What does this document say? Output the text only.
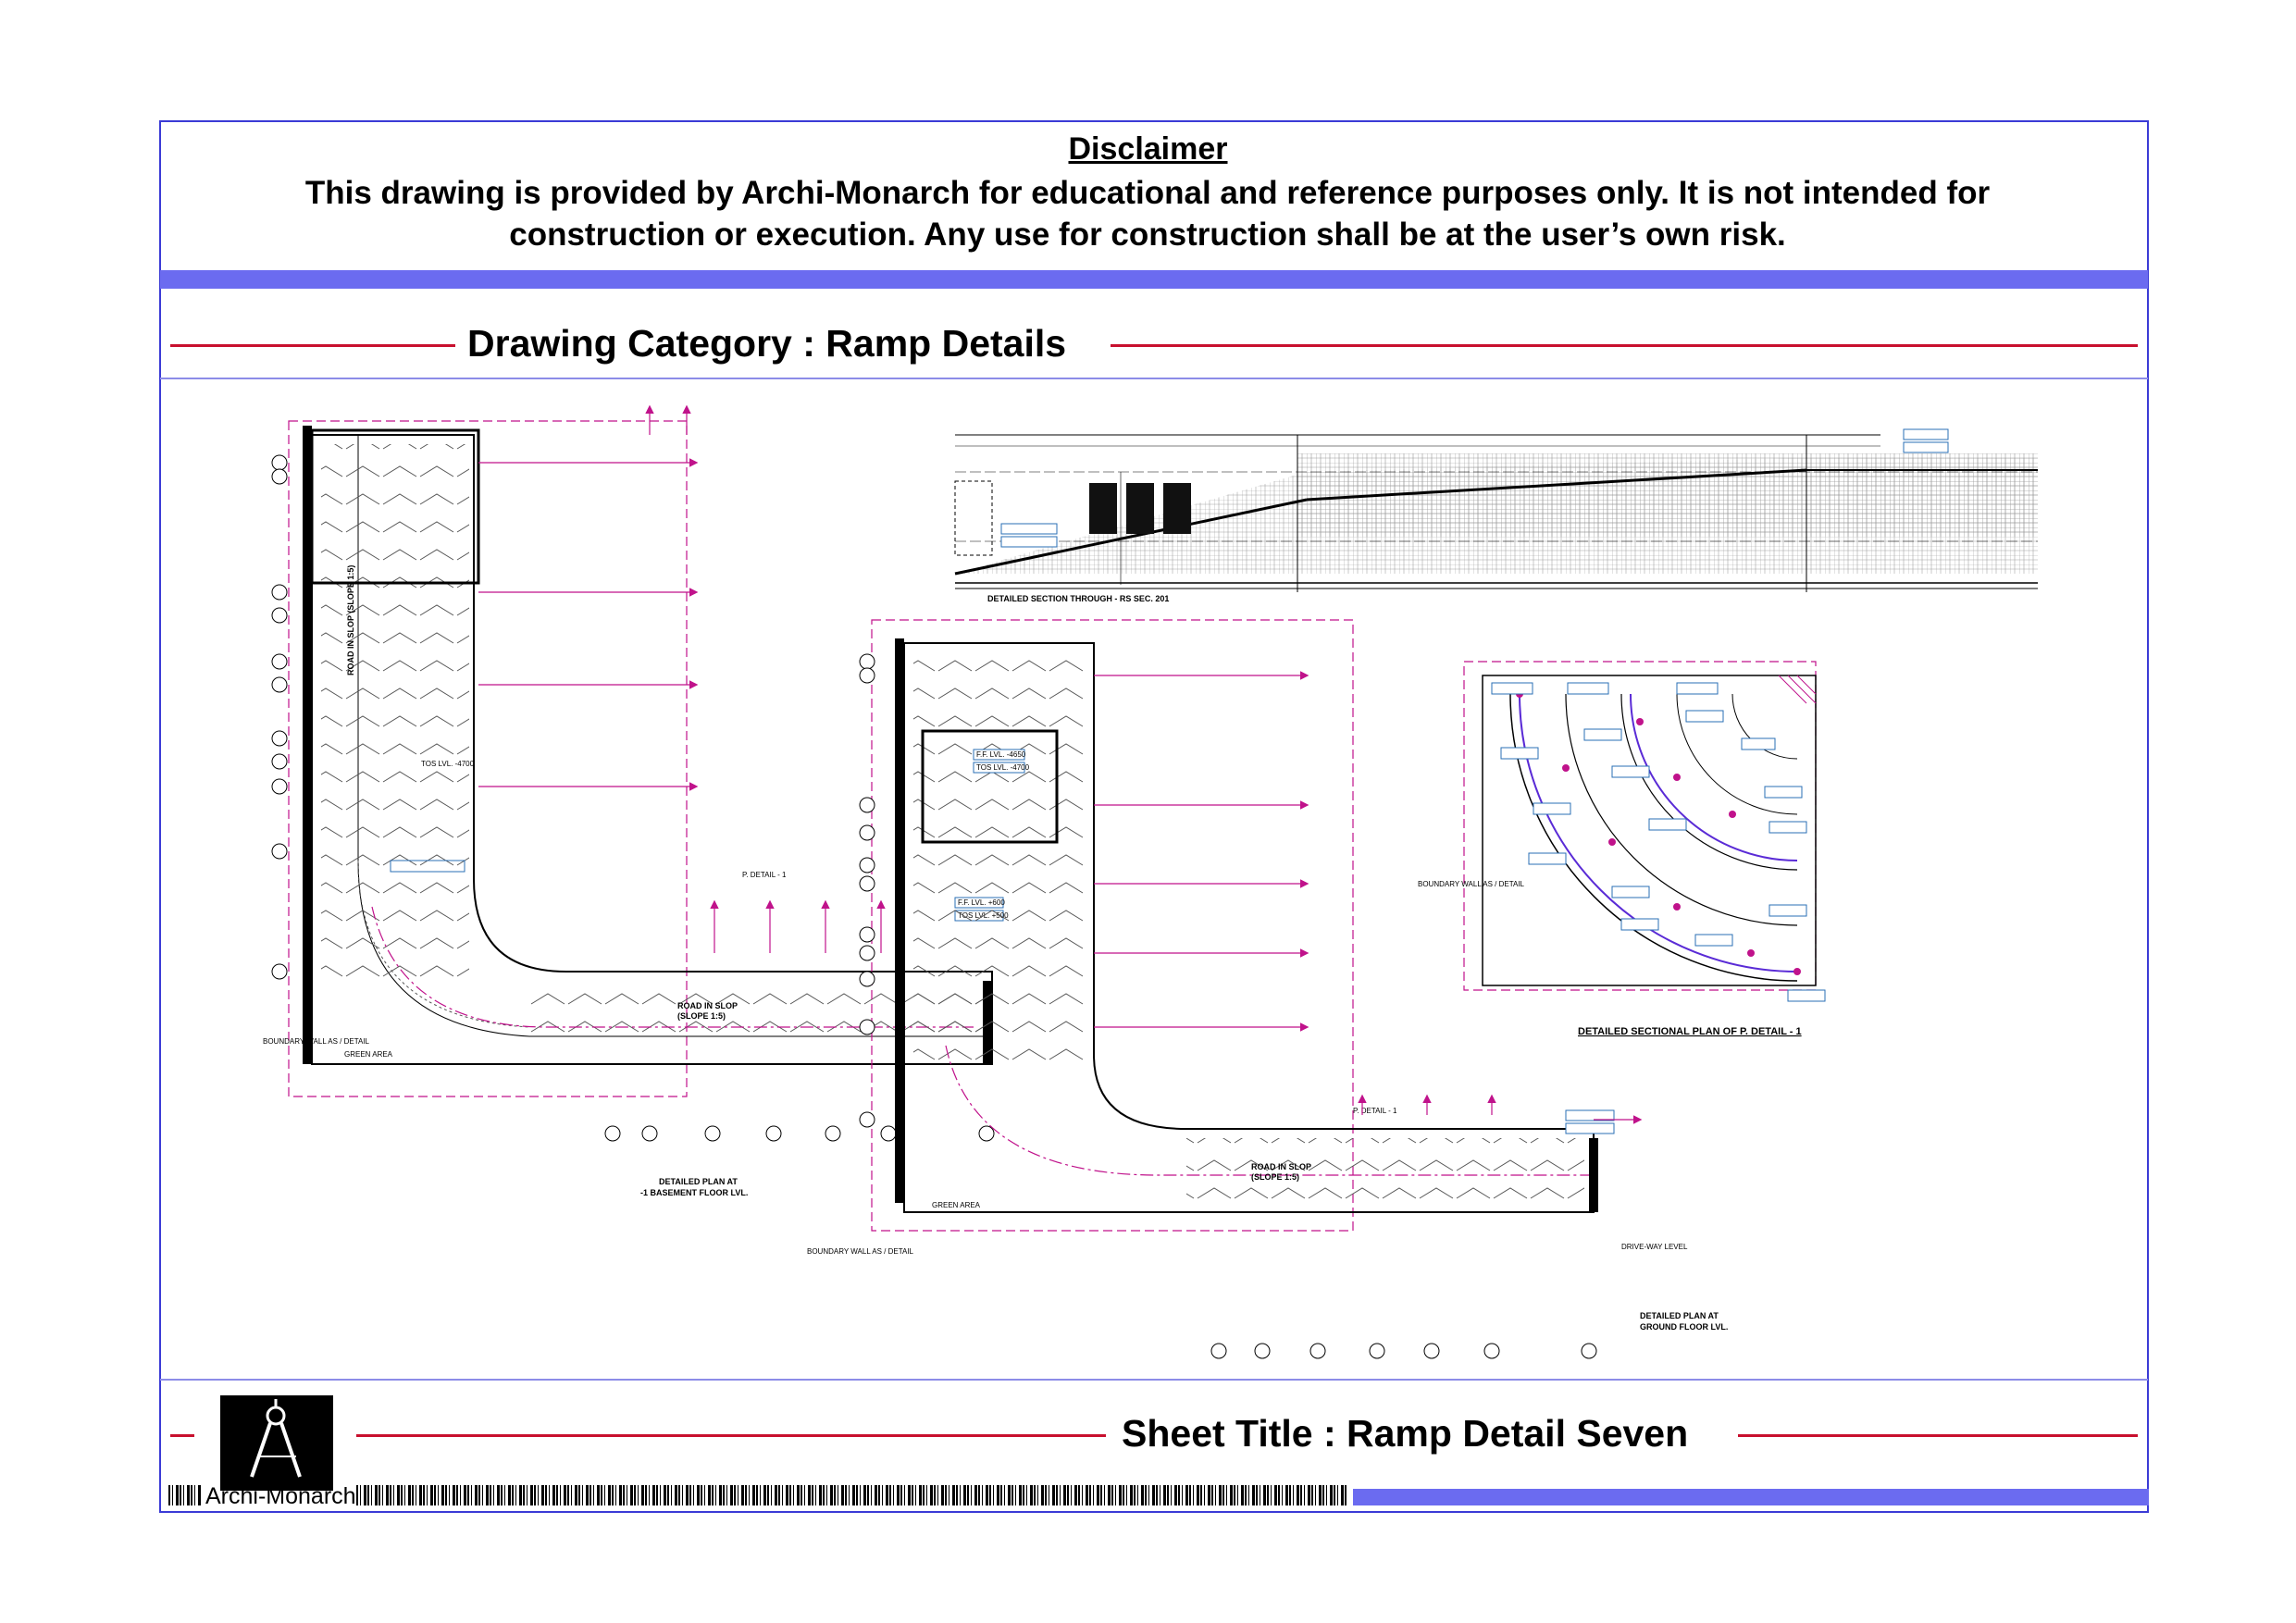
Disclaimer
This drawing is provided by Archi-Monarch for educational and reference purposes only. It is not intended for construction or execution. Any use for construction shall be at the user’s own risk.
Drawing Category : Ramp Details
DETAILED SECTION THROUGH - RS SEC. 201
ROAD IN SLOP (SLOPE 1:5)
ROAD IN SLOP
(SLOPE 1:5)
GREEN AREA
TOS LVL. -4700
P. DETAIL - 1
DETAILED PLAN AT
-1 BASEMENT FLOOR LVL.
BOUNDARY WALL AS / DETAIL
ROAD IN SLOP
(SLOPE 1:5)
GREEN AREA
F.F. LVL. -4650
TOS LVL. -4700
P. DETAIL - 1
DETAILED PLAN AT
GROUND FLOOR LVL.
DRIVE-WAY LEVEL
BOUNDARY WALL AS / DETAIL
DETAILED SECTIONAL PLAN OF P. DETAIL - 1
BOUNDARY WALL AS / DETAIL
Archi-Monarch
Sheet Title : Ramp Detail Seven
